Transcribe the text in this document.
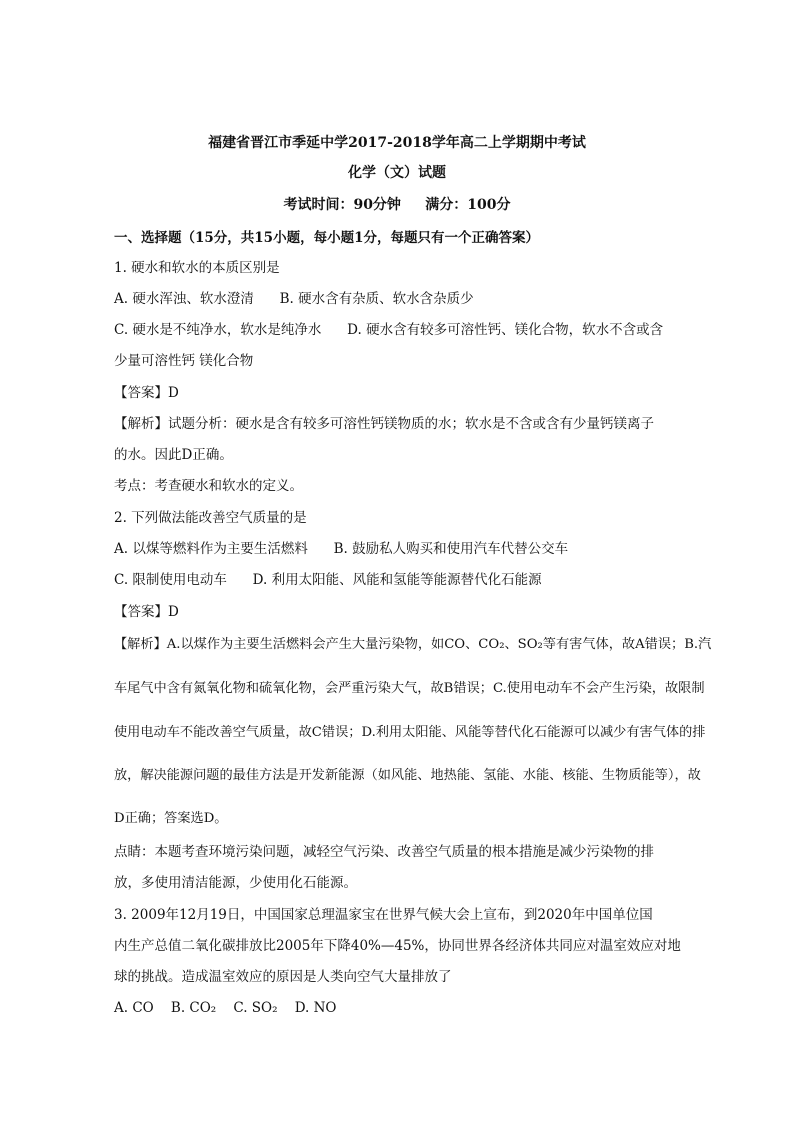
福建省晋江市季延中学2017-2018学年高二上学期期中考试
化学（文）试题
考试时间：90分钟     满分：100分
一、选择题（15分，共15小题，每小题1分，每题只有一个正确答案）
1. 硬水和软水的本质区别是
A. 硬水浑浊、软水澄清      B. 硬水含有杂质、软水含杂质少
C. 硬水是不纯净水，软水是纯净水      D. 硬水含有较多可溶性钙、镁化合物，软水不含或含
少量可溶性钙 镁化合物
【答案】D
【解析】试题分析：硬水是含有较多可溶性钙镁物质的水；软水是不含或含有少量钙镁离子
的水。因此D正确。
考点：考查硬水和软水的定义。
2. 下列做法能改善空气质量的是
A. 以煤等燃料作为主要生活燃料      B. 鼓励私人购买和使用汽车代替公交车
C. 限制使用电动车      D. 利用太阳能、风能和氢能等能源替代化石能源
【答案】D
【解析】A.以煤作为主要生活燃料会产生大量污染物，如CO、CO₂、SO₂等有害气体，故A错误；B.汽
车尾气中含有氮氧化物和硫氧化物，会严重污染大气，故B错误；C.使用电动车不会产生污染，故限制
使用电动车不能改善空气质量，故C错误；D.利用太阳能、风能等替代化石能源可以减少有害气体的排
放，解决能源问题的最佳方法是开发新能源（如风能、地热能、氢能、水能、核能、生物质能等），故
D正确；答案选D。
点睛：本题考查环境污染问题，减轻空气污染、改善空气质量的根本措施是减少污染物的排
放，多使用清洁能源，少使用化石能源。
3. 2009年12月19日，中国国家总理温家宝在世界气候大会上宣布，到2020年中国单位国
内生产总值二氧化碳排放比2005年下降40%—45%，协同世界各经济体共同应对温室效应对地
球的挑战。造成温室效应的原因是人类向空气大量排放了
A. CO    B. CO₂    C. SO₂    D. NO
